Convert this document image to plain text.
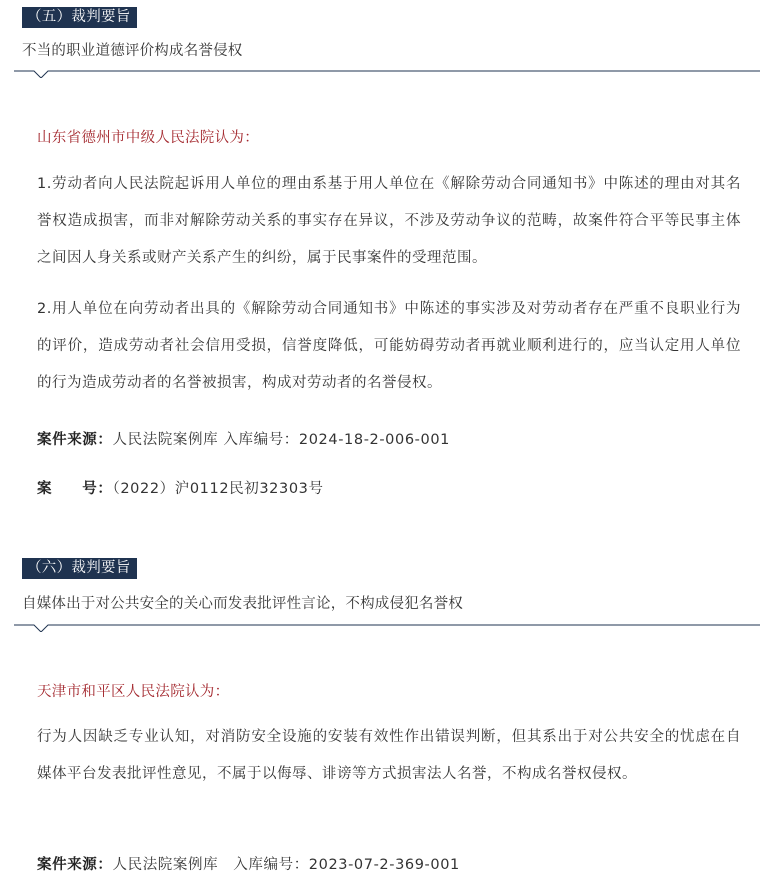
（五）裁判要旨
不当的职业道德评价构成名誉侵权
山东省德州市中级人民法院认为：

1.劳动者向人民法院起诉用人单位的理由系基于用人单位在《解除劳动合同通知书》中陈述的理由对其名誉权造成损害，而非对解除劳动关系的事实存在异议，不涉及劳动争议的范畴，故案件符合平等民事主体之间因人身关系或财产关系产生的纠纷，属于民事案件的受理范围。

2.用人单位在向劳动者出具的《解除劳动合同通知书》中陈述的事实涉及对劳动者存在严重不良职业行为的评价，造成劳动者社会信用受损，信誉度降低，可能妨碍劳动者再就业顺利进行的，应当认定用人单位的行为造成劳动者的名誉被损害，构成对劳动者的名誉侵权。

案件来源：人民法院案例库 入库编号：2024-18-2-006-001
案　　号：（2022）沪0112民初32303号
（六）裁判要旨
自媒体出于对公共安全的关心而发表批评性言论，不构成侵犯名誉权
天津市和平区人民法院认为：

行为人因缺乏专业认知，对消防安全设施的安装有效性作出错误判断，但其系出于对公共安全的忧虑在自媒体平台发表批评性意见，不属于以侮辱、诽谤等方式损害法人名誉，不构成名誉权侵权。

案件来源：人民法院案例库　入库编号：2023-07-2-369-001
